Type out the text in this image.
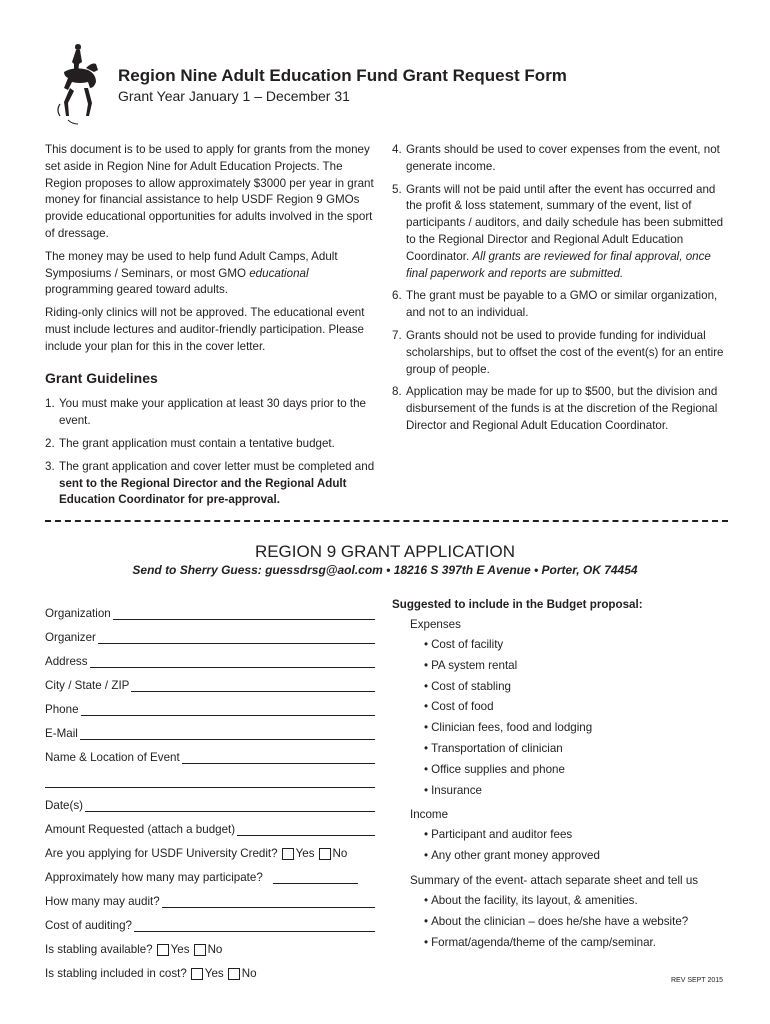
Region Nine Adult Education Fund Grant Request Form
Grant Year January 1 – December 31

This document is to be used to apply for grants from the money set aside in Region Nine for Adult Education Projects. The Region proposes to allow approximately $3000 per year in grant money for financial assistance to help USDF Region 9 GMOs provide educational opportunities for adults involved in the sport of dressage.

The money may be used to help fund Adult Camps, Adult Symposiums / Seminars, or most GMO educational programming geared toward adults.

Riding-only clinics will not be approved. The educational event must include lectures and auditor-friendly participation. Please include your plan for this in the cover letter.

Grant Guidelines
1. You must make your application at least 30 days prior to the event.
2. The grant application must contain a tentative budget.
3. The grant application and cover letter must be completed and sent to the Regional Director and the Regional Adult Education Coordinator for pre-approval.
4. Grants should be used to cover expenses from the event, not generate income.
5. Grants will not be paid until after the event has occurred and the profit & loss statement, summary of the event, list of participants / auditors, and daily schedule has been submitted to the Regional Director and Regional Adult Education Coordinator. All grants are reviewed for final approval, once final paperwork and reports are submitted.
6. The grant must be payable to a GMO or similar organization, and not to an individual.
7. Grants should not be used to provide funding for individual scholarships, but to offset the cost of the event(s) for an entire group of people.
8. Application may be made for up to $500, but the division and disbursement of the funds is at the discretion of the Regional Director and Regional Adult Education Coordinator.
REGION 9 GRANT APPLICATION
Send to Sherry Guess: guessdrsg@aol.com • 18216 S 397th E Avenue • Porter, OK 74454
Organization
Organizer
Address
City / State / ZIP
Phone
E-Mail
Name & Location of Event
Date(s)
Amount Requested (attach a budget)
Are you applying for USDF University Credit? Yes No
Approximately how many may participate?
How many may audit?
Cost of auditing?
Is stabling available? Yes No
Is stabling included in cost? Yes No
Suggested to include in the Budget proposal:
Expenses
• Cost of facility
• PA system rental
• Cost of stabling
• Cost of food
• Clinician fees, food and lodging
• Transportation of clinician
• Office supplies and phone
• Insurance
Income
• Participant and auditor fees
• Any other grant money approved
Summary of the event- attach separate sheet and tell us
• About the facility, its layout, & amenities.
• About the clinician – does he/she have a website?
• Format/agenda/theme of the camp/seminar.
REV SEPT 2015
